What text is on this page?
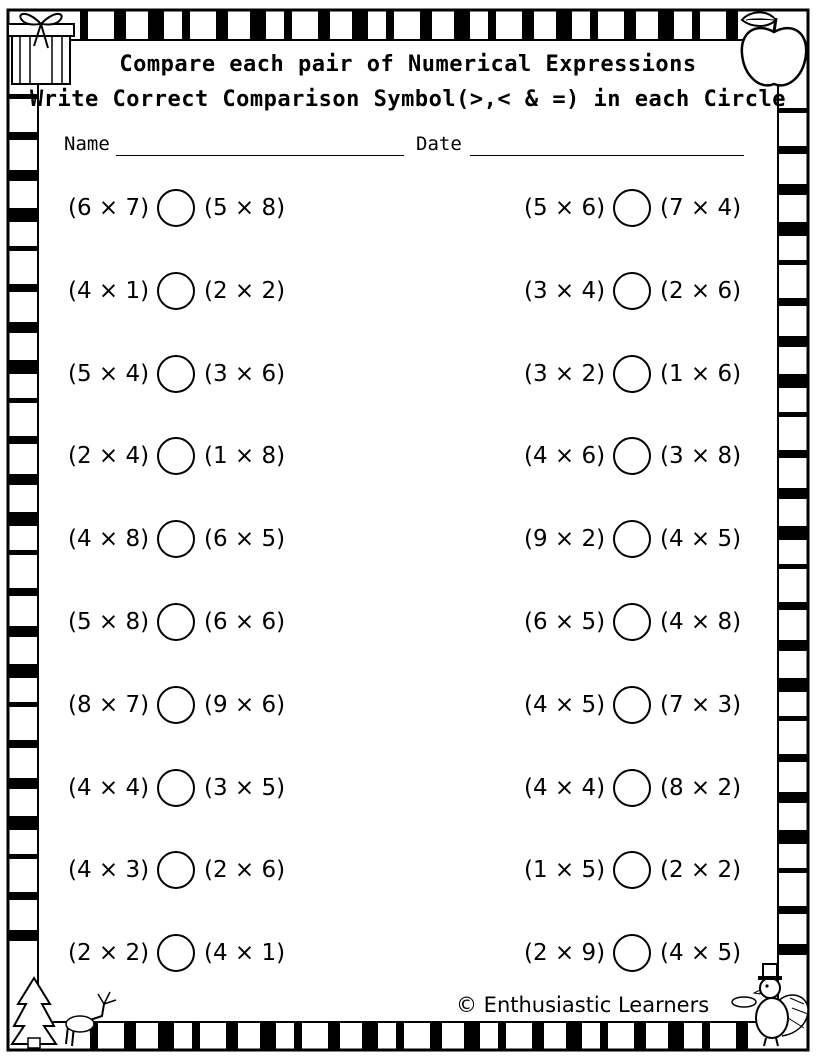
Compare each pair of Numerical Expressions
Write Correct Comparison Symbol(>,< & =) in each Circle
Name	Date
(6 × 7) (5 × 8)
(4 × 1) (2 × 2)
(5 × 4) (3 × 6)
(2 × 4) (1 × 8)
(4 × 8) (6 × 5)
(5 × 8) (6 × 6)
(8 × 7) (9 × 6)
(4 × 4) (3 × 5)
(4 × 3) (2 × 6)
(2 × 2) (4 × 1)
(5 × 6) (7 × 4)
(3 × 4) (2 × 6)
(3 × 2) (1 × 6)
(4 × 6) (3 × 8)
(9 × 2) (4 × 5)
(6 × 5) (4 × 8)
(4 × 5) (7 × 3)
(4 × 4) (8 × 2)
(1 × 5) (2 × 2)
(2 × 9) (4 × 5)
© Enthusiastic Learners
